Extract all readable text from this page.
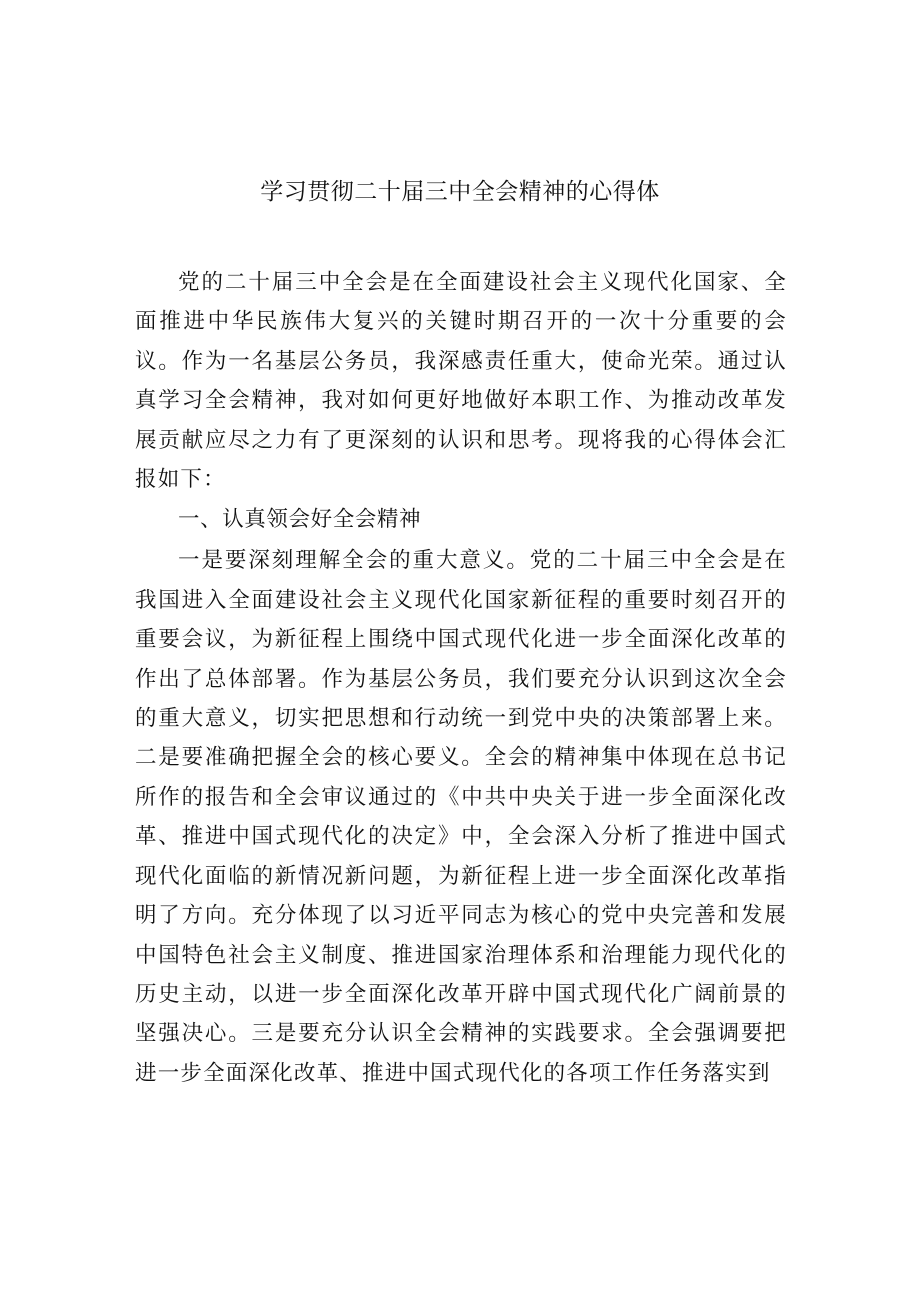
学习贯彻二十届三中全会精神的心得体

党的二十届三中全会是在全面建设社会主义现代化国家、全面推进中华民族伟大复兴的关键时期召开的一次十分重要的会议。作为一名基层公务员，我深感责任重大，使命光荣。通过认真学习全会精神，我对如何更好地做好本职工作、为推动改革发展贡献应尽之力有了更深刻的认识和思考。现将我的心得体会汇报如下：

一、认真领会好全会精神

一是要深刻理解全会的重大意义。党的二十届三中全会是在我国进入全面建设社会主义现代化国家新征程的重要时刻召开的重要会议，为新征程上围绕中国式现代化进一步全面深化改革的作出了总体部署。作为基层公务员，我们要充分认识到这次全会的重大意义，切实把思想和行动统一到党中央的决策部署上来。二是要准确把握全会的核心要义。全会的精神集中体现在总书记所作的报告和全会审议通过的《中共中央关于进一步全面深化改革、推进中国式现代化的决定》中，全会深入分析了推进中国式现代化面临的新情况新问题，为新征程上进一步全面深化改革指明了方向。充分体现了以习近平同志为核心的党中央完善和发展中国特色社会主义制度、推进国家治理体系和治理能力现代化的历史主动，以进一步全面深化改革开辟中国式现代化广阔前景的坚强决心。三是要充分认识全会精神的实践要求。全会强调要把进一步全面深化改革、推进中国式现代化的各项工作任务落实到
